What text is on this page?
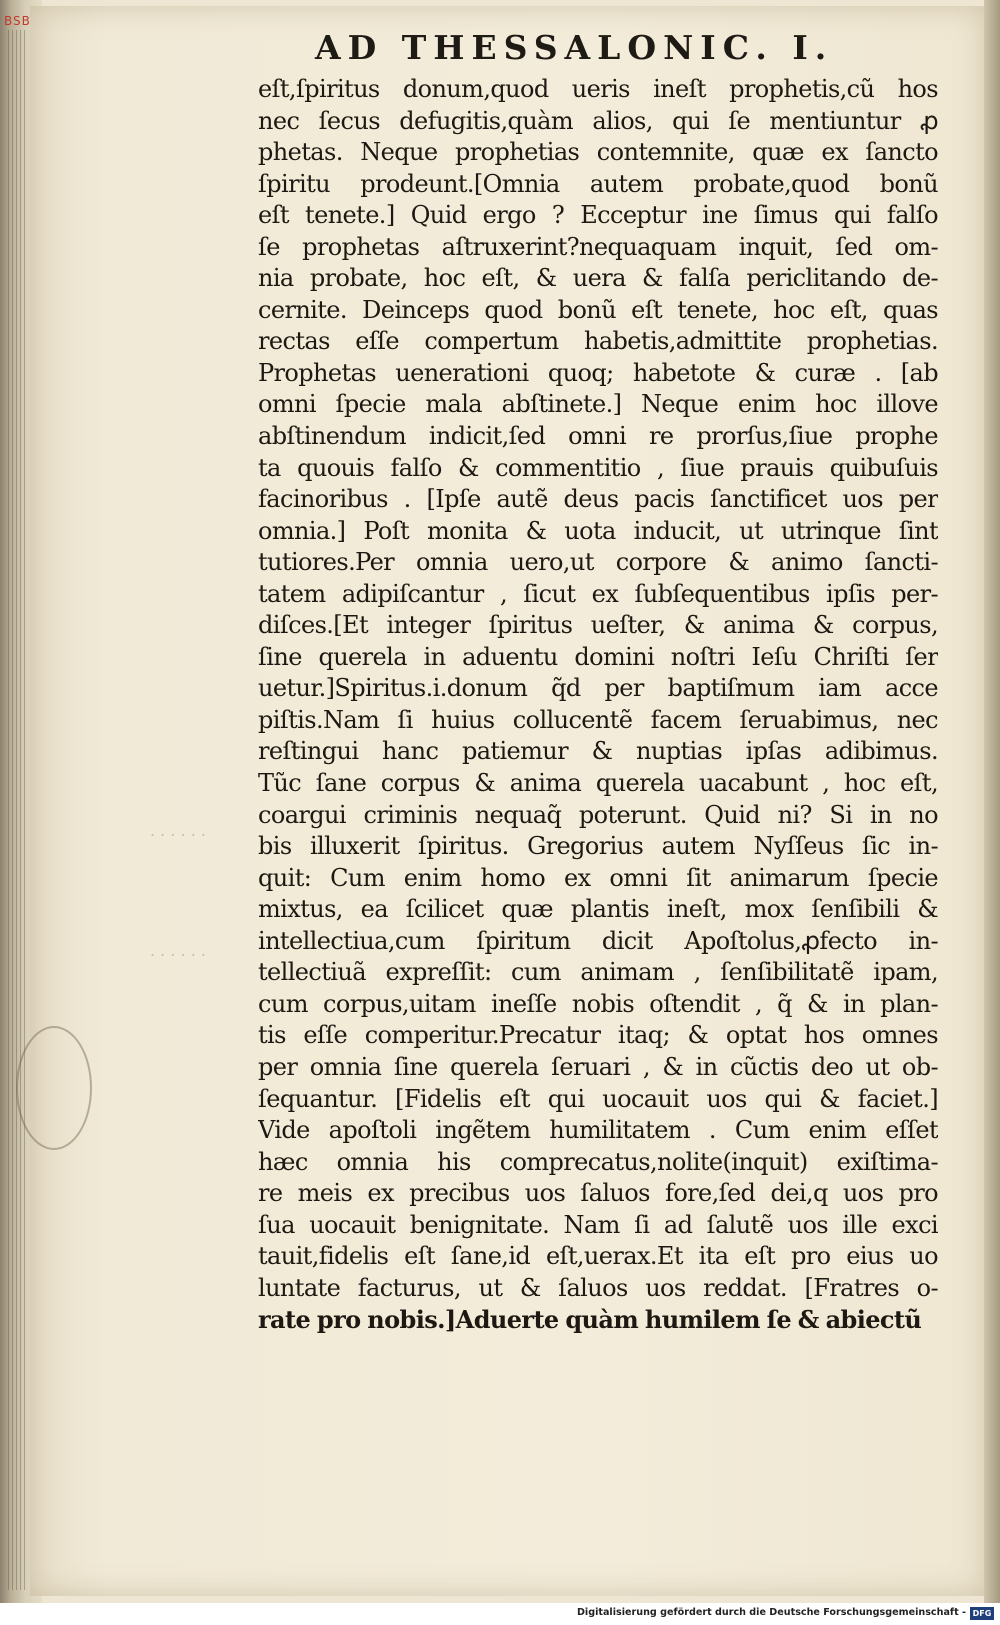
. . . . . .
. . . . . .
AD THESSALONIC. I.
eſt,ſpiritus donum,quod ueris ineſt prophetis,cũ hos
nec ſecus defugitis,quàm alios, qui ſe mentiuntur ꝓ
phetas. Neque prophetias contemnite, quæ ex ſancto
ſpiritu prodeunt.[Omnia autem probate,quod bonũ
eſt tenete.] Quid ergo ? Ecceptur ine ſimus qui falſo
ſe prophetas aſtruxerint?nequaquam inquit, ſed om-
nia probate, hoc eſt, & uera & falſa periclitando de-
cernite. Deinceps quod bonũ eſt tenete, hoc eſt, quas
rectas eſſe compertum habetis,admittite prophetias.
Prophetas uenerationi quoq; habetote & curæ . [ab
omni ſpecie mala abſtinete.] Neque enim hoc illove
abſtinendum indicit,ſed omni re prorſus,ſiue prophe
ta quouis falſo & commentitio , ſiue prauis quibuſuis
facinoribus . [Ipſe autẽ deus pacis ſanctificet uos per
omnia.] Poſt monita & uota inducit, ut utrinque ſint
tutiores.Per omnia uero,ut corpore & animo ſancti-
tatem adipiſcantur , ſicut ex ſubſequentibus ipſis per-
diſces.[Et integer ſpiritus ueſter, & anima & corpus,
ſine querela in aduentu domini noſtri Ieſu Chriſti ſer
uetur.]Spiritus.i.donum q̃d per baptiſmum iam acce
piſtis.Nam ſi huius collucentẽ facem ſeruabimus, nec
reſtingui hanc patiemur & nuptias ipſas adibimus.
Tũc ſane corpus & anima querela uacabunt , hoc eſt,
coargui criminis nequaq̃ poterunt. Quid ni? Si in no
bis illuxerit ſpiritus. Gregorius autem Nyſſeus ſic in-
quit: Cum enim homo ex omni ſit animarum ſpecie
mixtus, ea ſcilicet quæ plantis ineſt, mox ſenſibili &
intellectiua,cum ſpiritum dicit Apoſtolus,ꝓfecto in-
tellectiuã expreſſit: cum animam , ſenſibilitatẽ ipam,
cum corpus,uitam ineſſe nobis oſtendit , q̃ & in plan-
tis eſſe comperitur.Precatur itaq; & optat hos omnes
per omnia ſine querela ſeruari , & in cũctis deo ut ob-
ſequantur. [Fidelis eſt qui uocauit uos qui & faciet.]
Vide apoſtoli ingẽtem humilitatem . Cum enim eſſet
hæc omnia his comprecatus,nolite(inquit) exiſtima-
re meis ex precibus uos ſaluos fore,ſed dei,q uos pro
ſua uocauit benignitate. Nam ſi ad ſalutẽ uos ille exci
tauit,fidelis eſt ſane,id eſt,uerax.Et ita eſt pro eius uo
luntate facturus, ut & ſaluos uos reddat. [Fratres o-
rate pro nobis.]Aduerte quàm humilem ſe & abiectũ
BSB
Digitalisierung gefördert durch die Deutsche Forschungsgemeinschaft - DFG
